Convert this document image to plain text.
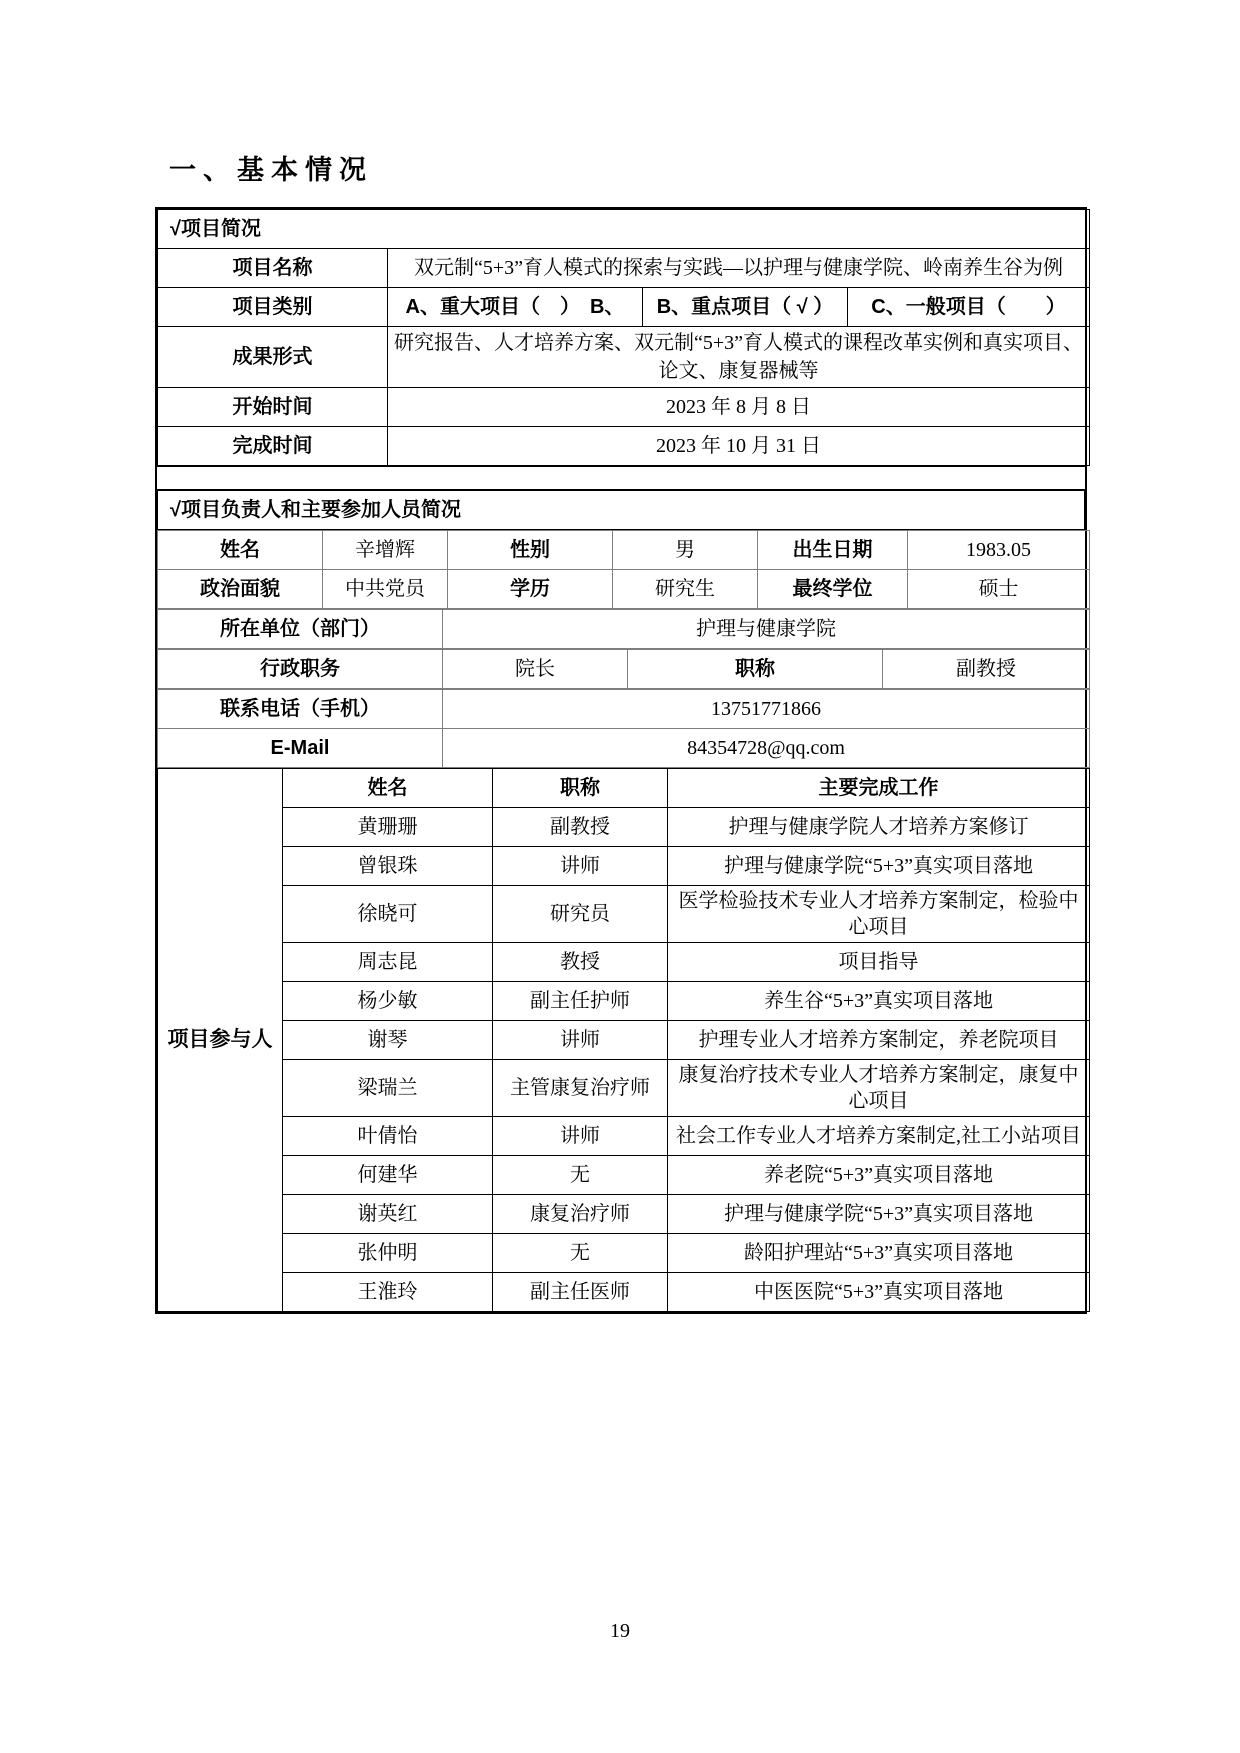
一、基本情况
√项目简况			
项目名称	双元制“5+3”育人模式的探索与实践—以护理与健康学院、岭南养生谷为例		
项目类别	A、重大项目（　）　B、	B、重点项目（ √ ）	C、一般项目（　　）
成果形式	研究报告、人才培养方案、双元制“5+3”育人模式的课程改革实例和真实项目、论文、康复器械等		
开始时间	2023 年 8 月 8 日		
完成时间	2023 年 10 月 31 日		
√项目负责人和主要参加人员简况
姓名	辛增辉	性别	男	出生日期	1983.05
政治面貌	中共党员	学历	研究生	最终学位	硕士
所在单位（部门）	护理与健康学院
行政职务	院长	职称	副教授
联系电话（手机）	13751771866
E-Mail	84354728@qq.com
项目参与人	姓名	职称	主要完成工作
	黄珊珊	副教授	护理与健康学院人才培养方案修订
	曾银珠	讲师	护理与健康学院“5+3”真实项目落地
	徐晓可	研究员	医学检验技术专业人才培养方案制定，检验中心项目
	周志昆	教授	项目指导
	杨少敏	副主任护师	养生谷“5+3”真实项目落地
	谢琴	讲师	护理专业人才培养方案制定，养老院项目
	梁瑞兰	主管康复治疗师	康复治疗技术专业人才培养方案制定，康复中心项目
	叶倩怡	讲师	社会工作专业人才培养方案制定,社工小站项目
	何建华	无	养老院“5+3”真实项目落地
	谢英红	康复治疗师	护理与健康学院“5+3”真实项目落地
	张仲明	无	龄阳护理站“5+3”真实项目落地
	王淮玲	副主任医师	中医医院“5+3”真实项目落地
19
